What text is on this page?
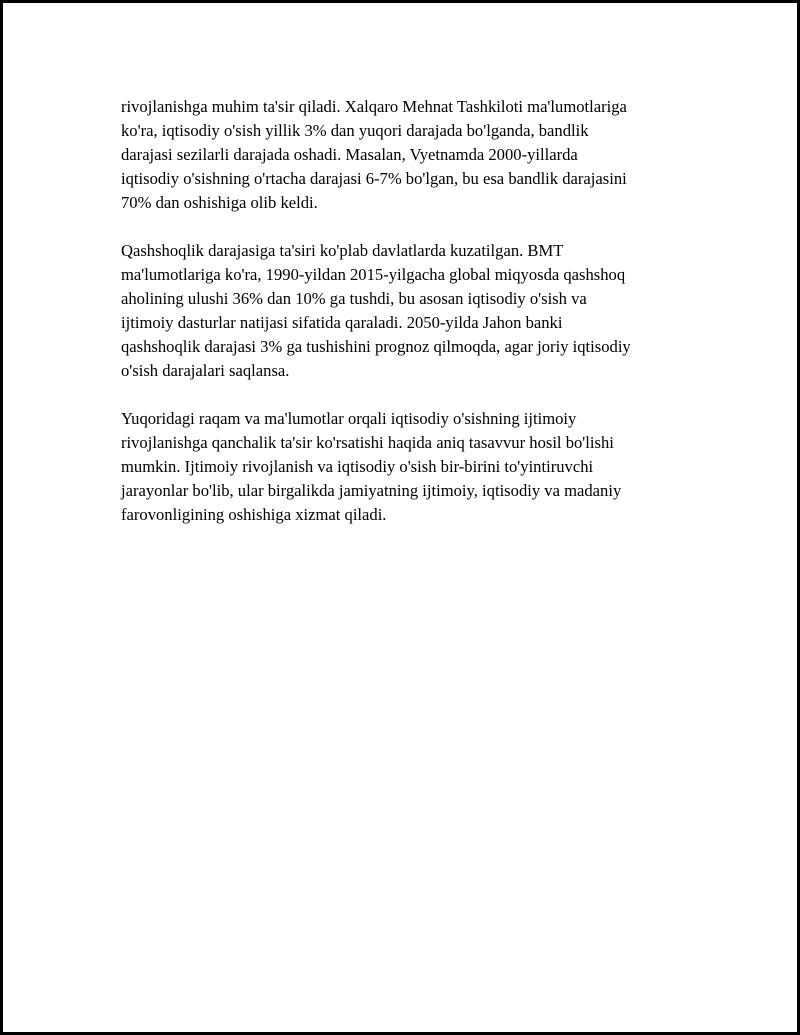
rivojlanishga muhim ta'sir qiladi. Xalqaro Mehnat Tashkiloti ma'lumotlariga
ko'ra, iqtisodiy o'sish yillik 3% dan yuqori darajada bo'lganda, bandlik
darajasi sezilarli darajada oshadi. Masalan, Vyetnamda 2000-yillarda
iqtisodiy o'sishning o'rtacha darajasi 6-7% bo'lgan, bu esa bandlik darajasini
70% dan oshishiga olib keldi.

Qashshoqlik darajasiga ta'siri ko'plab davlatlarda kuzatilgan. BMT
ma'lumotlariga ko'ra, 1990-yildan 2015-yilgacha global miqyosda qashshoq
aholining ulushi 36% dan 10% ga tushdi, bu asosan iqtisodiy o'sish va
ijtimoiy dasturlar natijasi sifatida qaraladi. 2050-yilda Jahon banki
qashshoqlik darajasi 3% ga tushishini prognoz qilmoqda, agar joriy iqtisodiy
o'sish darajalari saqlansa.

Yuqoridagi raqam va ma'lumotlar orqali iqtisodiy o'sishning ijtimoiy
rivojlanishga qanchalik ta'sir ko'rsatishi haqida aniq tasavvur hosil bo'lishi
mumkin. Ijtimoiy rivojlanish va iqtisodiy o'sish bir-birini to'yintiruvchi
jarayonlar bo'lib, ular birgalikda jamiyatning ijtimoiy, iqtisodiy va madaniy
farovonligining oshishiga xizmat qiladi.
